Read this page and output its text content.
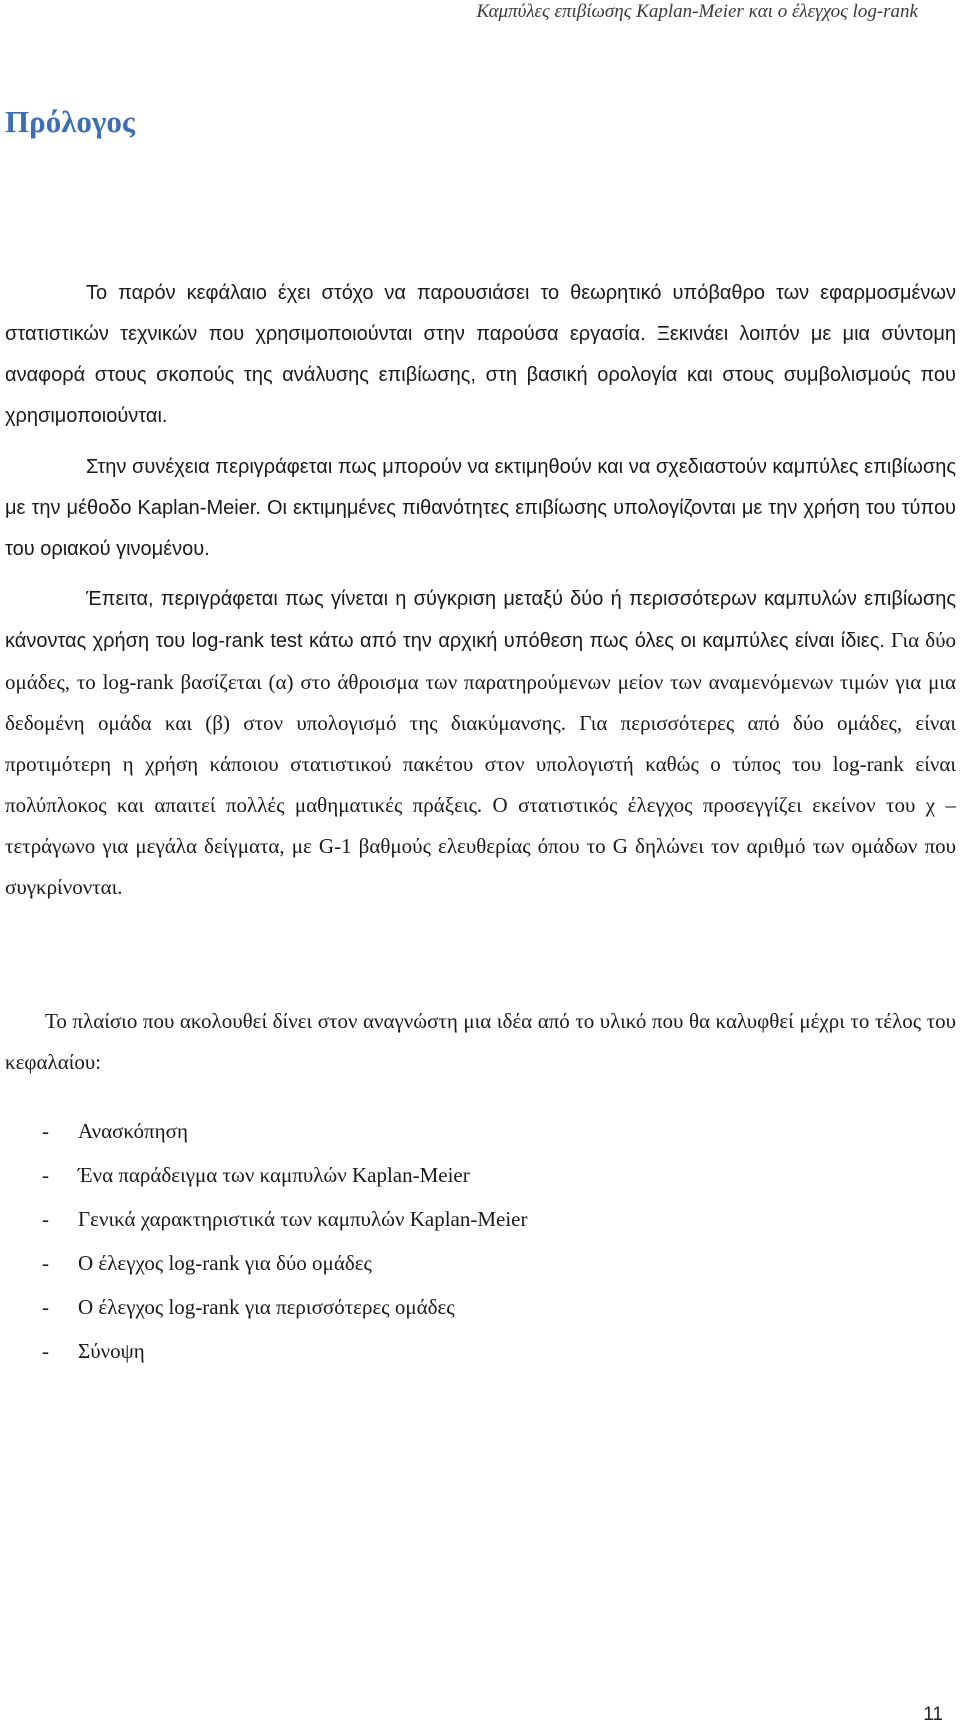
Καμπύλες επιβίωσης Kaplan-Meier και ο έλεγχος log-rank
Πρόλογος

Το παρόν κεφάλαιο έχει στόχο να παρουσιάσει το θεωρητικό υπόβαθρο των εφαρμοσμένων στατιστικών τεχνικών που χρησιμοποιούνται στην παρούσα εργασία. Ξεκινάει λοιπόν με μια σύντομη αναφορά στους σκοπούς της ανάλυσης επιβίωσης, στη βασική ορολογία και στους συμβολισμούς που χρησιμοποιούνται.

Στην συνέχεια περιγράφεται πως μπορούν να εκτιμηθούν και να σχεδιαστούν καμπύλες επιβίωσης με την μέθοδο Kaplan-Meier. Οι εκτιμημένες πιθανότητες επιβίωσης υπολογίζονται με την χρήση του τύπου του οριακού γινομένου.

Έπειτα, περιγράφεται πως γίνεται η σύγκριση μεταξύ δύο ή περισσότερων καμπυλών επιβίωσης κάνοντας χρήση του log-rank test κάτω από την αρχική υπόθεση πως όλες οι καμπύλες είναι ίδιες. Για δύο ομάδες, το log-rank βασίζεται (α) στο άθροισμα των παρατηρούμενων μείον των αναμενόμενων τιμών για μια δεδομένη ομάδα και (β) στον υπολογισμό της διακύμανσης. Για περισσότερες από δύο ομάδες, είναι προτιμότερη η χρήση κάποιου στατιστικού πακέτου στον υπολογιστή καθώς ο τύπος του log-rank είναι πολύπλοκος και απαιτεί πολλές μαθηματικές πράξεις. Ο στατιστικός έλεγχος προσεγγίζει εκείνον του χ – τετράγωνο για μεγάλα δείγματα, με G-1 βαθμούς ελευθερίας όπου το G δηλώνει τον αριθμό των ομάδων που συγκρίνονται.

Το πλαίσιο που ακολουθεί δίνει στον αναγνώστη μια ιδέα από το υλικό που θα καλυφθεί μέχρι το τέλος του κεφαλαίου:

-	Ανασκόπηση
-	Ένα παράδειγμα των καμπυλών Kaplan-Meier
-	Γενικά χαρακτηριστικά των καμπυλών Kaplan-Meier
-	Ο έλεγχος log-rank για δύο ομάδες
-	Ο έλεγχος log-rank για περισσότερες ομάδες
-	Σύνοψη
11
